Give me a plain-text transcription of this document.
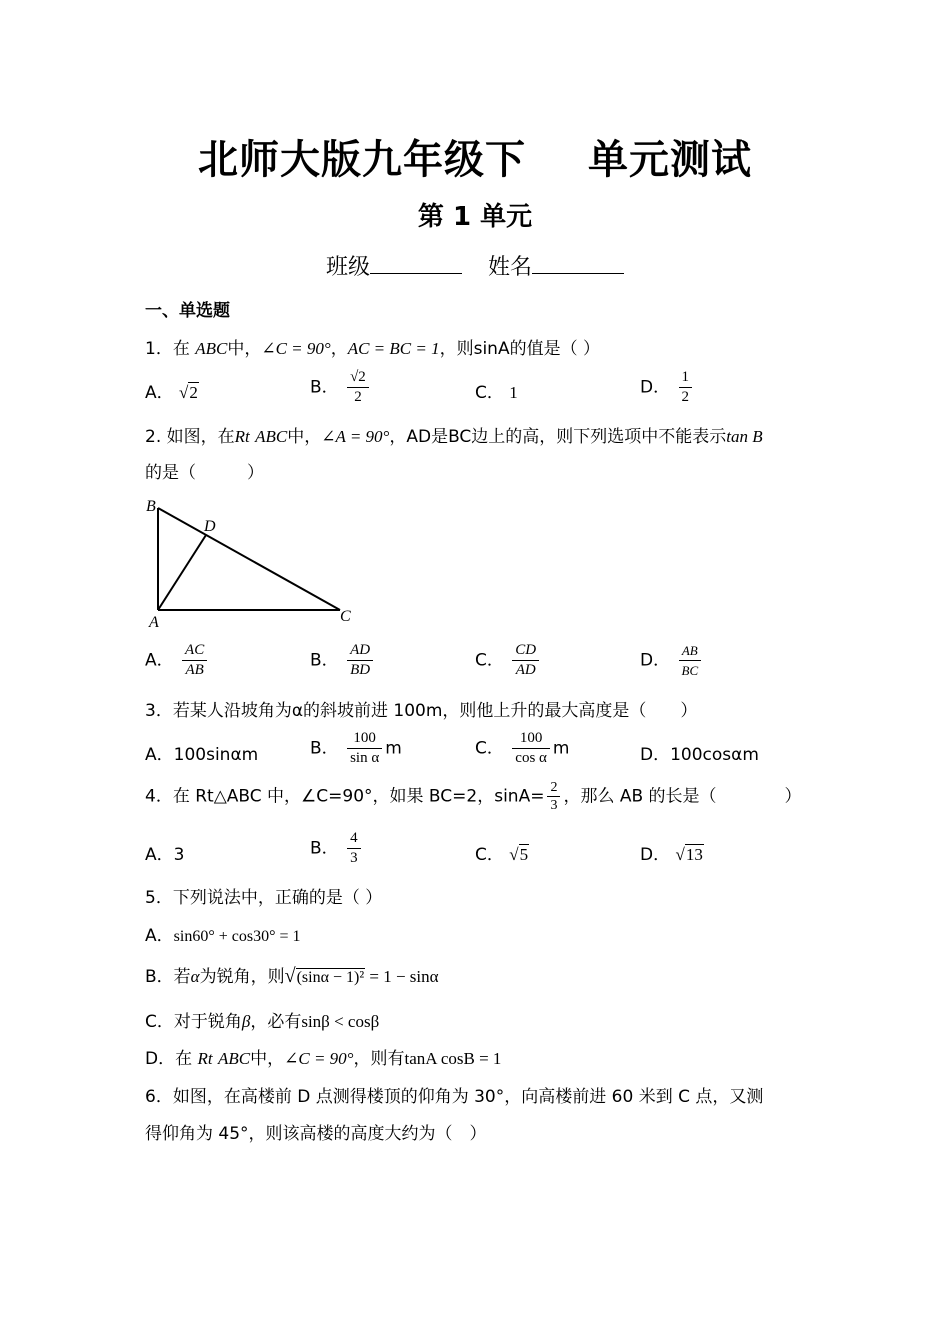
北师大版九年级下 单元测试
第 1 单元
班级	姓名
一、单选题
1．在 ABC中，∠C = 90°，AC = BC = 1，则sinA的值是（ ）
A． √2	B． $\frac{√2}{2}$	C． 1	D． $\frac{1}{2}$
2. 如图，在Rt ABC中，∠A = 90°，AD是BC边上的高，则下列选项中不能表示tan B
的是（　　　）
B
D
A	C
A． $\frac{AC}{AB}$	B． $\frac{AD}{BD}$	C． $\frac{CD}{AD}$	D． $\frac{AB}{BC}$
3．若某人沿坡角为α的斜坡前进 100m，则他上升的最大高度是（　　）
A．100sinαm	B． $\frac{100}{\text{sin α}}$ m	C． $\frac{100}{\text{cos α}}$ m	D．100cosαm
4．在 Rt△ABC 中，∠C=90°，如果 BC=2，$\sin A= \frac{2}{3}$ ，那么 AB 的长是（　　　　）
A．3	B． $\frac{4}{3}$	C． √5	D． √13
5．下列说法中，正确的是（ ）
A．sin60° + cos30° = 1
B．若α为锐角，则√(sinα − 1)² = 1 − sinα
C．对于锐角β，必有sinβ < cosβ
D．在 Rt ABC中，∠C = 90°，则有tanA cosB = 1
6．如图，在高楼前 D 点测得楼顶的仰角为 30°，向高楼前进 60 米到 C 点，又测
得仰角为 45°，则该高楼的高度大约为（　）
